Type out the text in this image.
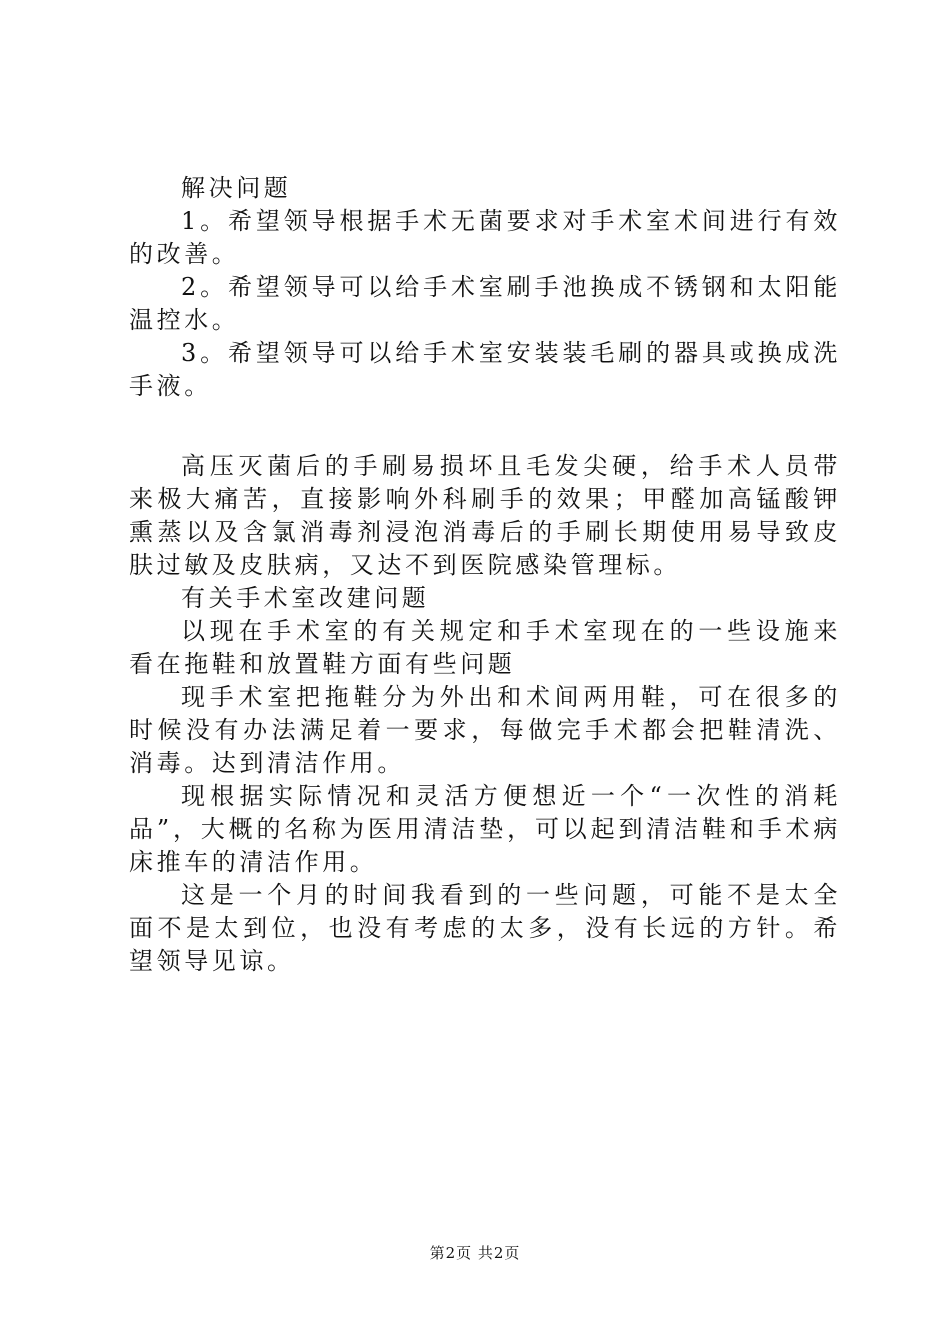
解决问题

1。希望领导根据手术无菌要求对手术室术间进行有效的改善。

2。希望领导可以给手术室刷手池换成不锈钢和太阳能温控水。

3。希望领导可以给手术室安装装毛刷的器具或换成洗手液。

高压灭菌后的手刷易损坏且毛发尖硬，给手术人员带来极大痛苦，直接影响外科刷手的效果；甲醛加高锰酸钾熏蒸以及含氯消毒剂浸泡消毒后的手刷长期使用易导致皮肤过敏及皮肤病，又达不到医院感染管理标。

有关手术室改建问题

以现在手术室的有关规定和手术室现在的一些设施来看在拖鞋和放置鞋方面有些问题

现手术室把拖鞋分为外出和术间两用鞋，可在很多的时候没有办法满足着一要求，每做完手术都会把鞋清洗、消毒。达到清洁作用。

现根据实际情况和灵活方便想近一个“一次性的消耗品”，大概的名称为医用清洁垫，可以起到清洁鞋和手术病床推车的清洁作用。

这是一个月的时间我看到的一些问题，可能不是太全面不是太到位，也没有考虑的太多，没有长远的方针。希望领导见谅。

第2页 共2页
